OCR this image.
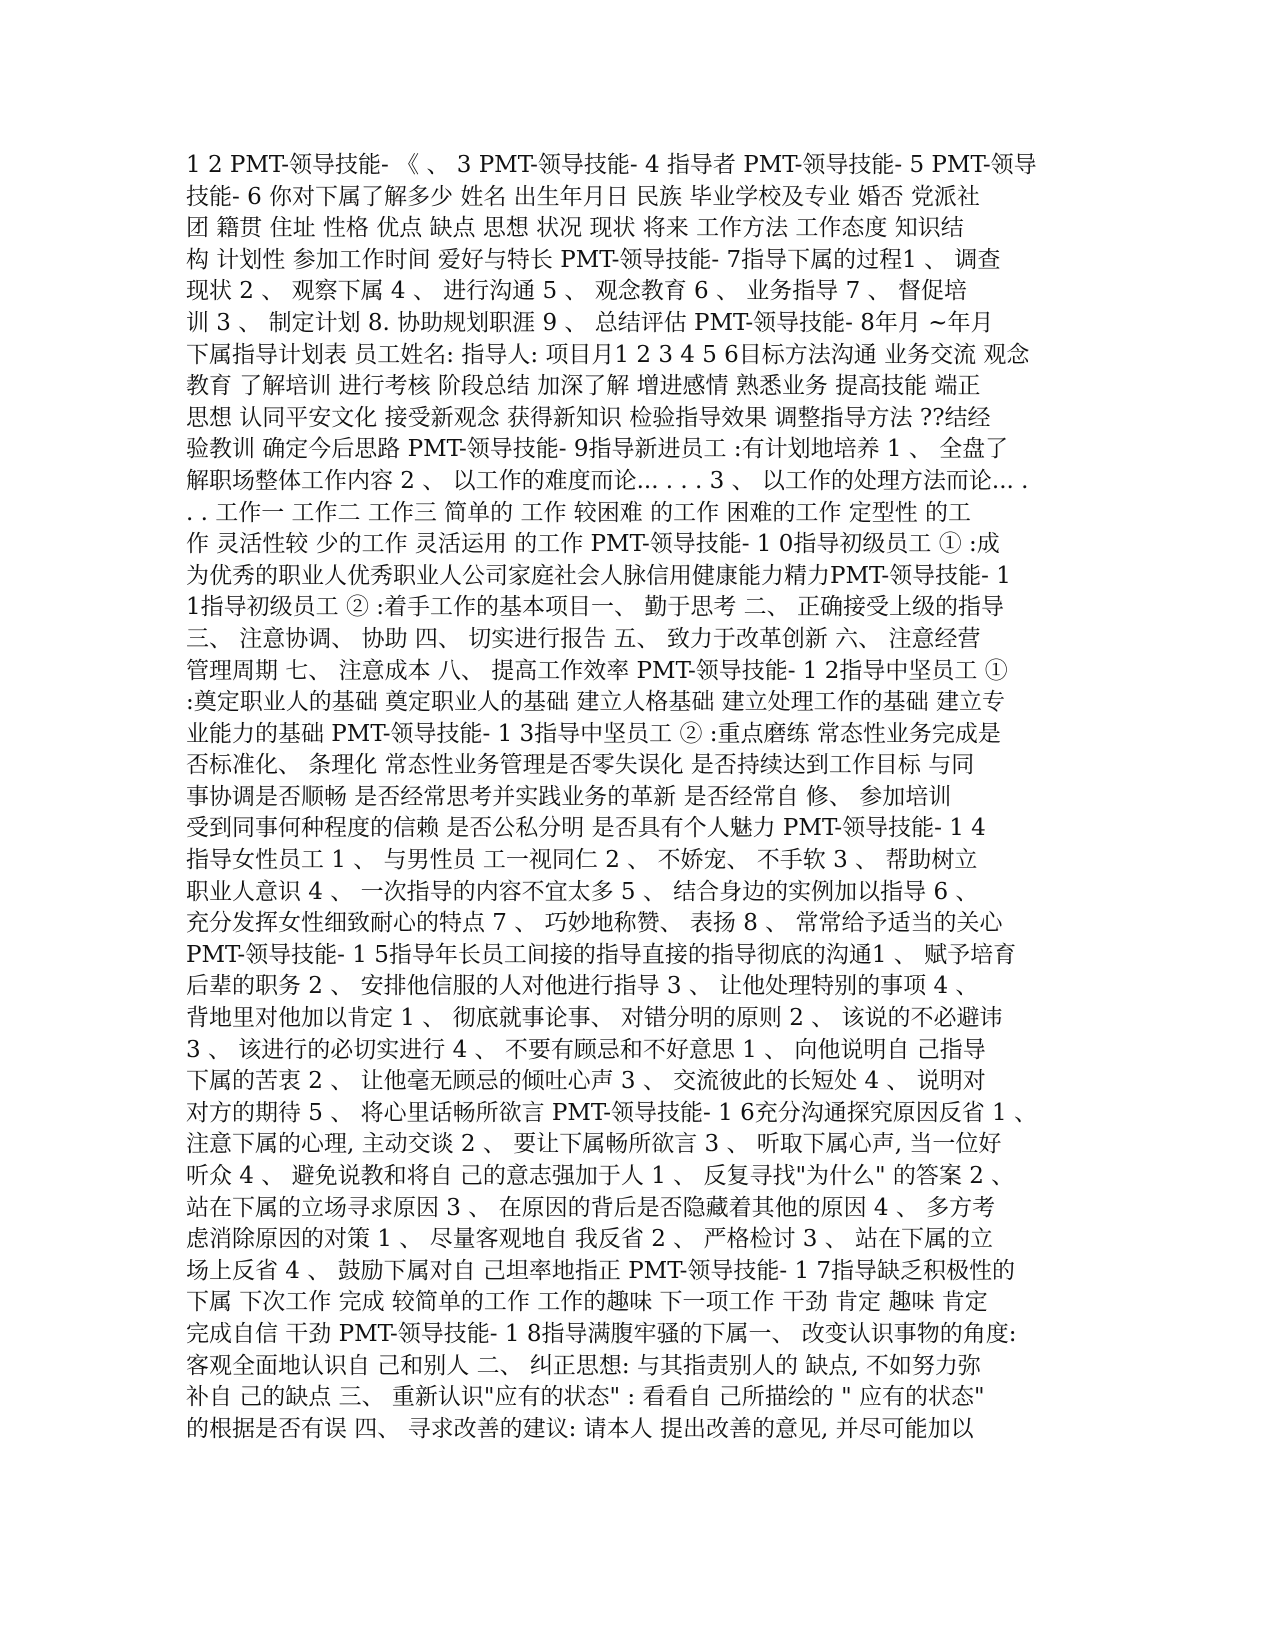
1 2 PMT-领导技能- 《 、 3 PMT-领导技能- 4 指导者 PMT-领导技能- 5 PMT-领导
技能- 6 你对下属了解多少 姓名 出生年月日 民族 毕业学校及专业 婚否 党派社
团 籍贯 住址 性格 优点 缺点 思想 状况 现状 将来 工作方法 工作态度 知识结
构 计划性 参加工作时间 爱好与特长 PMT-领导技能- 7指导下属的过程1 、 调查
现状 2 、 观察下属 4 、 进行沟通 5 、 观念教育 6 、 业务指导 7 、 督促培
训 3 、 制定计划 8. 协助规划职涯 9 、 总结评估 PMT-领导技能- 8年月 ~年月
下属指导计划表 员工姓名: 指导人: 项目月1 2 3 4 5 6目标方法沟通 业务交流 观念
教育 了解培训 进行考核 阶段总结 加深了解 增进感情 熟悉业务 提高技能 端正
思想 认同平安文化 接受新观念 获得新知识 检验指导效果 调整指导方法 ??结经
验教训 确定今后思路 PMT-领导技能- 9指导新进员工 :有计划地培养 1 、 全盘了
解职场整体工作内容 2 、 以工作的难度而论... . . . 3 、 以工作的处理方法而论... .
. . 工作一 工作二 工作三 简单的 工作 较困难 的工作 困难的工作 定型性 的工
作 灵活性较 少的工作 灵活运用 的工作 PMT-领导技能- 1 0指导初级员工 ① :成
为优秀的职业人优秀职业人公司家庭社会人脉信用健康能力精力PMT-领导技能- 1
1指导初级员工 ② :着手工作的基本项目一、 勤于思考 二、 正确接受上级的指导
三、 注意协调、 协助 四、 切实进行报告 五、 致力于改革创新 六、 注意经营
管理周期 七、 注意成本 八、 提高工作效率 PMT-领导技能- 1 2指导中坚员工 ①
:奠定职业人的基础 奠定职业人的基础 建立人格基础 建立处理工作的基础 建立专
业能力的基础 PMT-领导技能- 1 3指导中坚员工 ② :重点磨练 常态性业务完成是
否标准化、 条理化 常态性业务管理是否零失误化 是否持续达到工作目标 与同
事协调是否顺畅 是否经常思考并实践业务的革新 是否经常自 修、 参加培训
受到同事何种程度的信赖 是否公私分明 是否具有个人魅力 PMT-领导技能- 1 4
指导女性员工 1 、 与男性员 工一视同仁 2 、 不娇宠、 不手软 3 、 帮助树立
职业人意识 4 、 一次指导的内容不宜太多 5 、 结合身边的实例加以指导 6 、
充分发挥女性细致耐心的特点 7 、 巧妙地称赞、 表扬 8 、 常常给予适当的关心
PMT-领导技能- 1 5指导年长员工间接的指导直接的指导彻底的沟通1 、 赋予培育
后辈的职务 2 、 安排他信服的人对他进行指导 3 、 让他处理特别的事项 4 、
背地里对他加以肯定 1 、 彻底就事论事、 对错分明的原则 2 、 该说的不必避讳
3 、 该进行的必切实进行 4 、 不要有顾忌和不好意思 1 、 向他说明自 己指导
下属的苦衷 2 、 让他毫无顾忌的倾吐心声 3 、 交流彼此的长短处 4 、 说明对
对方的期待 5 、 将心里话畅所欲言 PMT-领导技能- 1 6充分沟通探究原因反省 1 、
注意下属的心理, 主动交谈 2 、 要让下属畅所欲言 3 、 听取下属心声, 当一位好
听众 4 、 避免说教和将自 己的意志强加于人 1 、 反复寻找"为什么" 的答案 2 、
站在下属的立场寻求原因 3 、 在原因的背后是否隐藏着其他的原因 4 、 多方考
虑消除原因的对策 1 、 尽量客观地自 我反省 2 、 严格检讨 3 、 站在下属的立
场上反省 4 、 鼓励下属对自 己坦率地指正 PMT-领导技能- 1 7指导缺乏积极性的
下属 下次工作 完成 较简单的工作 工作的趣味 下一项工作 干劲 肯定 趣味 肯定
完成自信 干劲 PMT-领导技能- 1 8指导满腹牢骚的下属一、 改变认识事物的角度:
客观全面地认识自 己和别人 二、 纠正思想: 与其指责别人的 缺点, 不如努力弥
补自 己的缺点 三、 重新认识"应有的状态" : 看看自 己所描绘的 " 应有的状态"
的根据是否有误 四、 寻求改善的建议: 请本人 提出改善的意见, 并尽可能加以
